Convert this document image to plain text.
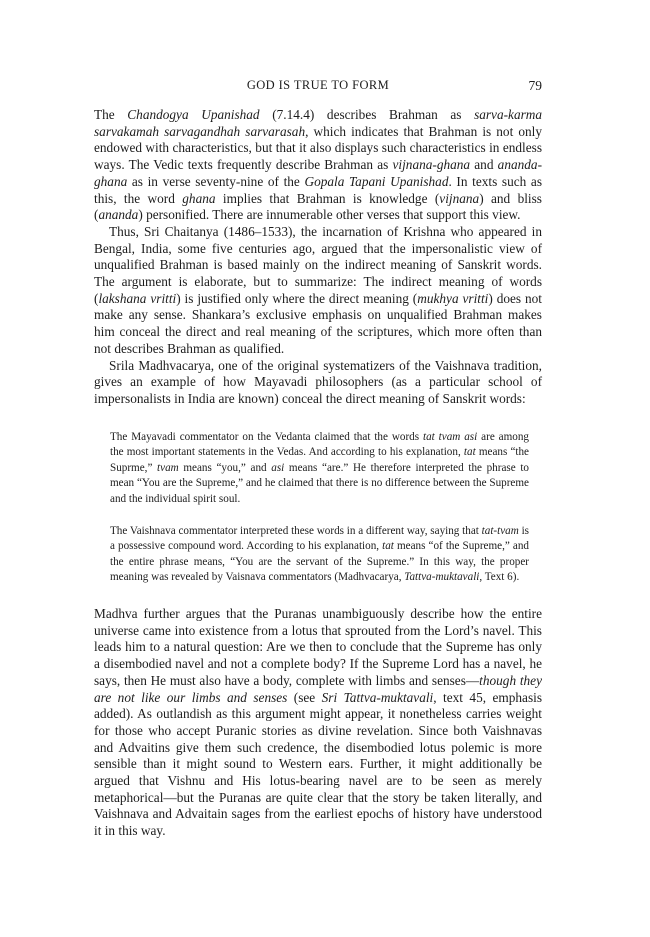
GOD IS TRUE TO FORM	79

The Chandogya Upanishad (7.14.4) describes Brahman as sarva-karma sarvakamah sarvagandhah sarvarasah, which indicates that Brahman is not only endowed with characteristics, but that it also displays such characteristics in endless ways. The Vedic texts frequently describe Brahman as vijnana-ghana and ananda-ghana as in verse seventy-nine of the Gopala Tapani Upanishad. In texts such as this, the word ghana implies that Brahman is knowledge (vijnana) and bliss (ananda) personified. There are innumerable other verses that support this view.

Thus, Sri Chaitanya (1486–1533), the incarnation of Krishna who appeared in Bengal, India, some five centuries ago, argued that the impersonalistic view of unqualified Brahman is based mainly on the indirect meaning of Sanskrit words. The argument is elaborate, but to summarize: The indirect meaning of words (lakshana vritti) is justified only where the direct meaning (mukhya vritti) does not make any sense. Shankara’s exclusive emphasis on unqualified Brahman makes him conceal the direct and real meaning of the scriptures, which more often than not describes Brahman as qualified.

Srila Madhvacarya, one of the original systematizers of the Vaishnava tradition, gives an example of how Mayavadi philosophers (as a particular school of impersonalists in India are known) conceal the direct meaning of Sanskrit words:

The Mayavadi commentator on the Vedanta claimed that the words tat tvam asi are among the most important statements in the Vedas. And according to his explanation, tat means “the Suprme,” tvam means “you,” and asi means “are.” He therefore interpreted the phrase to mean “You are the Supreme,” and he claimed that there is no difference between the Supreme and the individual spirit soul.

The Vaishnava commentator interpreted these words in a different way, saying that tat-tvam is a possessive compound word. According to his explanation, tat means “of the Supreme,” and the entire phrase means, “You are the servant of the Supreme.” In this way, the proper meaning was revealed by Vaisnava commentators (Madhvacarya, Tattva-muktavali, Text 6).

Madhva further argues that the Puranas unambiguously describe how the entire universe came into existence from a lotus that sprouted from the Lord’s navel. This leads him to a natural question: Are we then to conclude that the Supreme has only a disembodied navel and not a complete body? If the Supreme Lord has a navel, he says, then He must also have a body, complete with limbs and senses—though they are not like our limbs and senses (see Sri Tattva-muktavali, text 45, emphasis added). As outlandish as this argument might appear, it nonetheless carries weight for those who accept Puranic stories as divine revelation. Since both Vaishnavas and Advaitins give them such credence, the disembodied lotus polemic is more sensible than it might sound to Western ears. Further, it might additionally be argued that Vishnu and His lotus-bearing navel are to be seen as merely metaphorical—but the Puranas are quite clear that the story be taken literally, and Vaishnava and Advaitain sages from the earliest epochs of history have understood it in this way.
